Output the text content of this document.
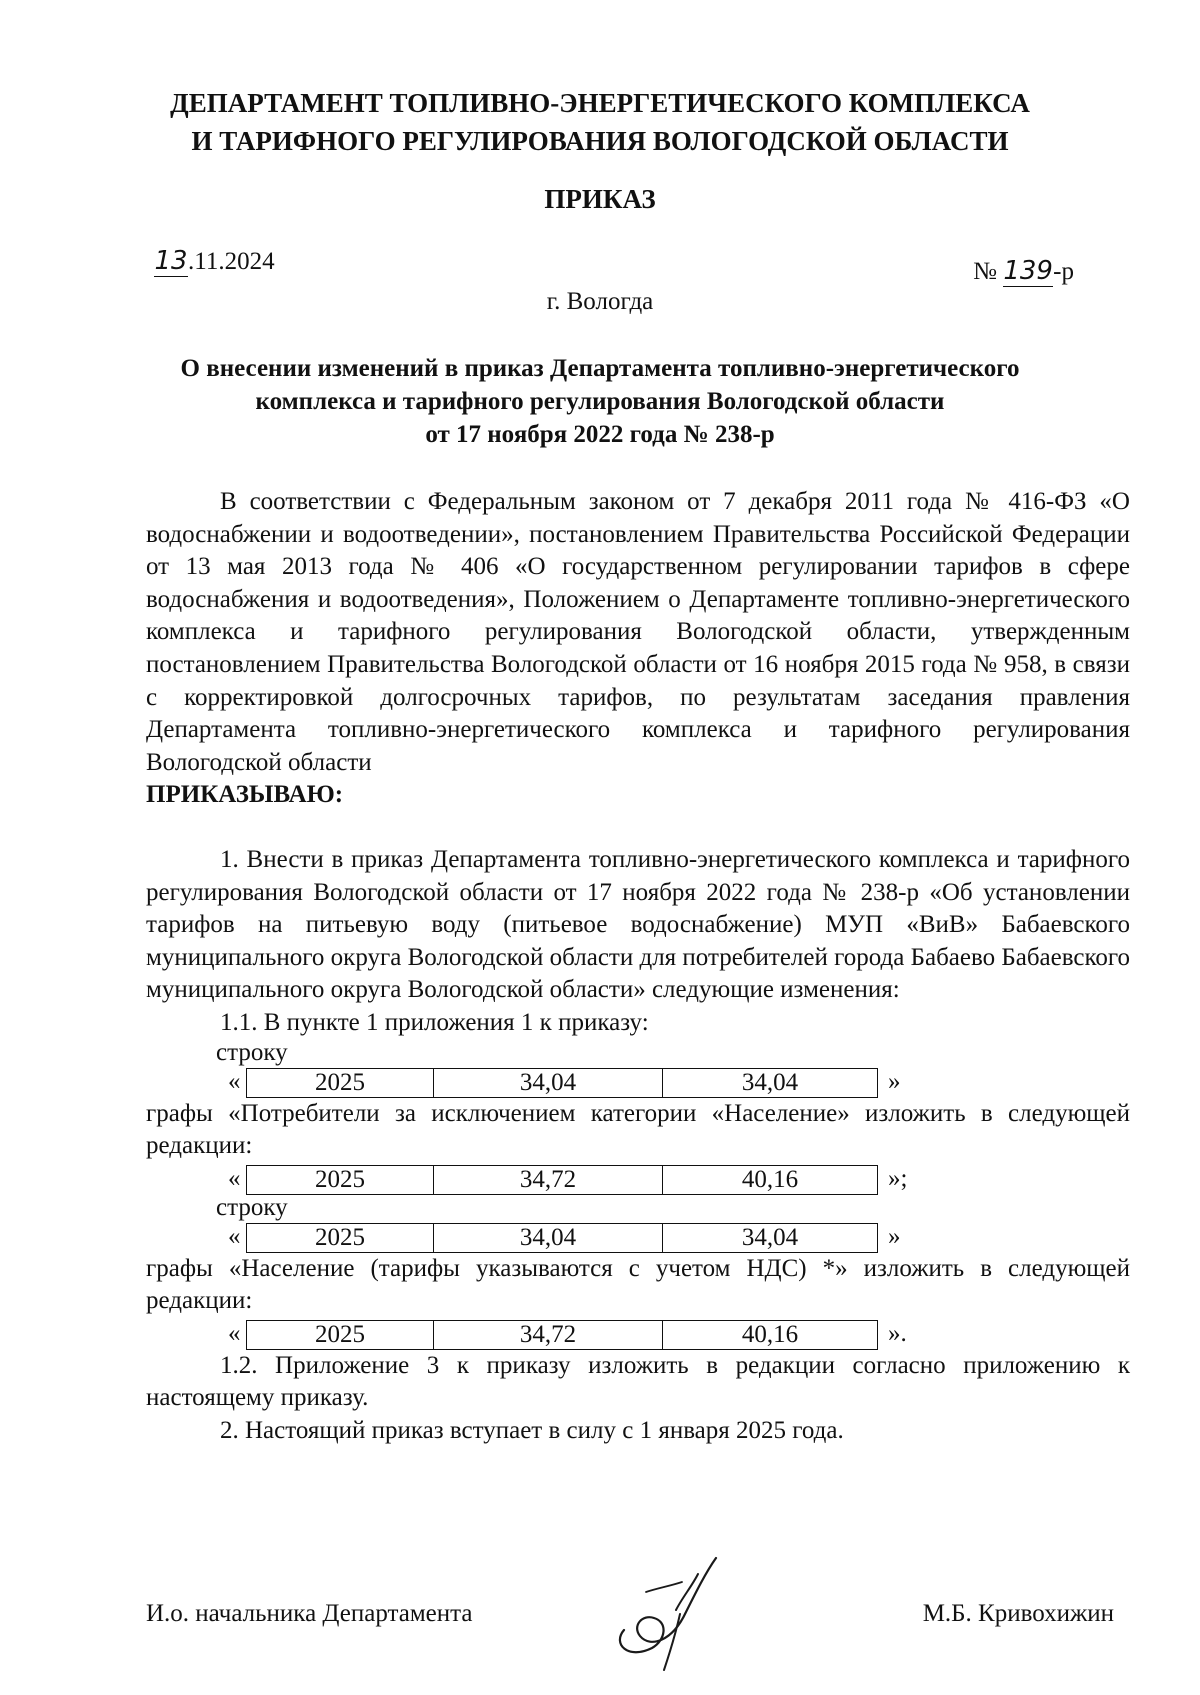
ДЕПАРТАМЕНТ ТОПЛИВНО-ЭНЕРГЕТИЧЕСКОГО КОМПЛЕКСА
И ТАРИФНОГО РЕГУЛИРОВАНИЯ ВОЛОГОДСКОЙ ОБЛАСТИ
ПРИКАЗ
13.11.2024	№ 139-р
г. Вологда
О внесении изменений в приказ Департамента топливно-энергетического
комплекса и тарифного регулирования Вологодской области
от 17 ноября 2022 года № 238-р

В соответствии с Федеральным законом от 7 декабря 2011 года № 416-ФЗ «О водоснабжении и водоотведении», постановлением Правительства Российской Федерации от 13 мая 2013 года № 406 «О государственном регулировании тарифов в сфере водоснабжения и водоотведения», Положением о Департаменте топливно-энергетического комплекса и тарифного регулирования Вологодской области, утвержденным постановлением Правительства Вологодской области от 16 ноября 2015 года № 958, в связи с корректировкой долгосрочных тарифов, по результатам заседания правления Департамента топливно-энергетического комплекса и тарифного регулирования Вологодской области

ПРИКАЗЫВАЮ:

1. Внести в приказ Департамента топливно-энергетического комплекса и тарифного регулирования Вологодской области от 17 ноября 2022 года № 238-р «Об установлении тарифов на питьевую воду (питьевое водоснабжение) МУП «ВиВ» Бабаевского муниципального округа Вологодской области для потребителей города Бабаево Бабаевского муниципального округа Вологодской области» следующие изменения:

1.1. В пункте 1 приложения 1 к приказу:

строку

«	2025	34,04	34,04	»

графы «Потребители за исключением категории «Население» изложить в следующей редакции:

«	2025	34,72	40,16	»;

строку

«	2025	34,04	34,04	»

графы «Население (тарифы указываются с учетом НДС) *» изложить в следующей редакции:

«	2025	34,72	40,16	».

1.2. Приложение 3 к приказу изложить в редакции согласно приложению к настоящему приказу.

2. Настоящий приказ вступает в силу с 1 января 2025 года.

И.о. начальника Департамента	М.Б. Кривохижин
